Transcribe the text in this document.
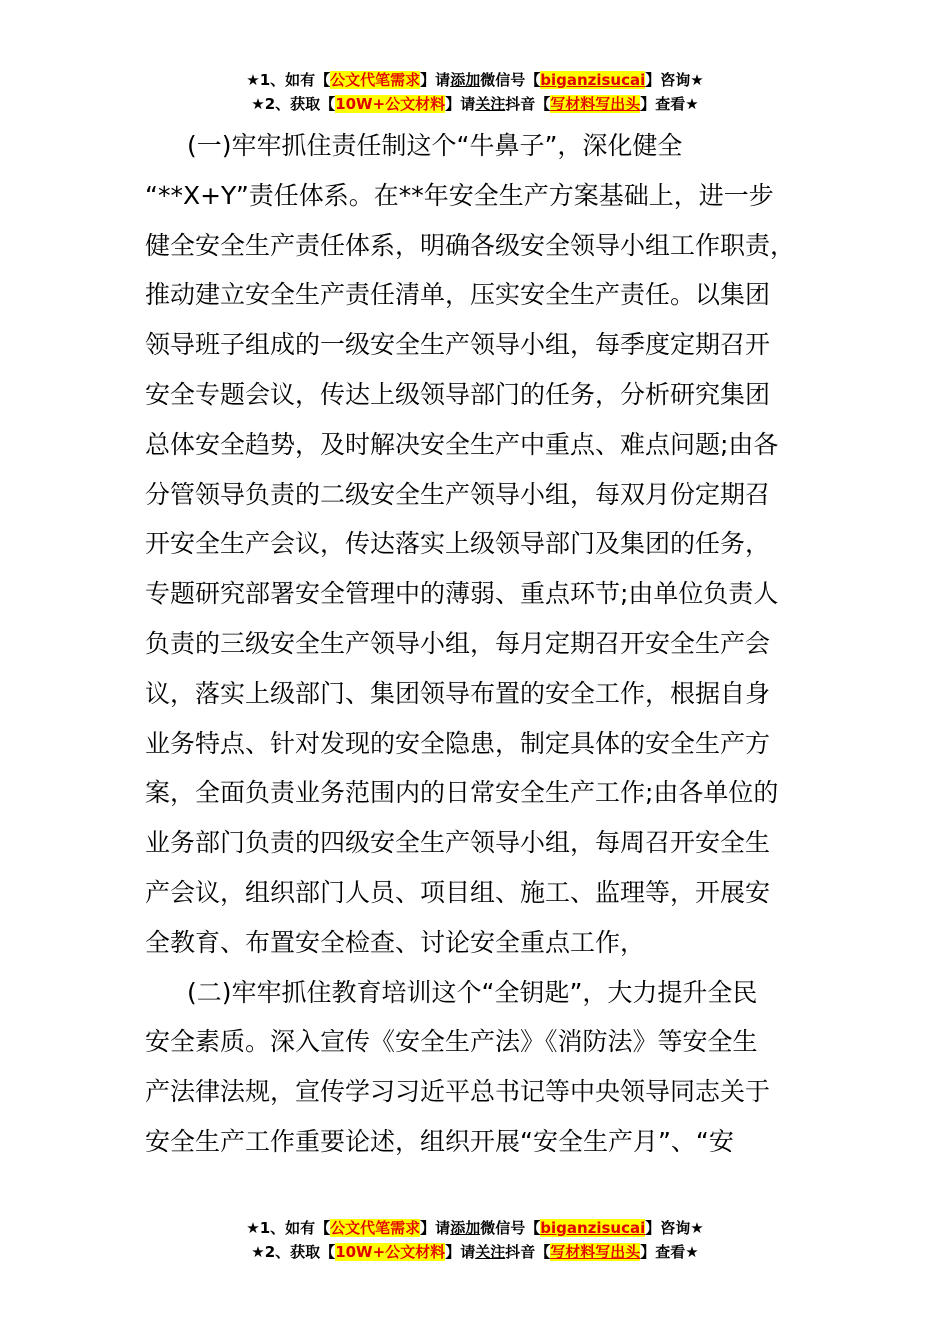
★1、如有【公文代笔需求】请添加微信号【biganzisucai】咨询★
★2、获取【10W+公文材料】请关注抖音【写材料写出头】查看★
(一)牢牢抓住责任制这个“牛鼻子”，深化健全
“**X+Y”责任体系。在**年安全生产方案基础上，进一步
健全安全生产责任体系，明确各级安全领导小组工作职责，
推动建立安全生产责任清单，压实安全生产责任。以集团
领导班子组成的一级安全生产领导小组，每季度定期召开
安全专题会议，传达上级领导部门的任务，分析研究集团
总体安全趋势，及时解决安全生产中重点、难点问题;由各
分管领导负责的二级安全生产领导小组，每双月份定期召
开安全生产会议，传达落实上级领导部门及集团的任务，
专题研究部署安全管理中的薄弱、重点环节;由单位负责人
负责的三级安全生产领导小组，每月定期召开安全生产会
议，落实上级部门、集团领导布置的安全工作，根据自身
业务特点、针对发现的安全隐患，制定具体的安全生产方
案，全面负责业务范围内的日常安全生产工作;由各单位的
业务部门负责的四级安全生产领导小组，每周召开安全生
产会议，组织部门人员、项目组、施工、监理等，开展安
全教育、布置安全检查、讨论安全重点工作，
(二)牢牢抓住教育培训这个“全钥匙”，大力提升全民
安全素质。深入宣传《安全生产法》《消防法》等安全生
产法律法规，宣传学习习近平总书记等中央领导同志关于
安全生产工作重要论述，组织开展“安全生产月”、“安
★1、如有【公文代笔需求】请添加微信号【biganzisucai】咨询★
★2、获取【10W+公文材料】请关注抖音【写材料写出头】查看★
